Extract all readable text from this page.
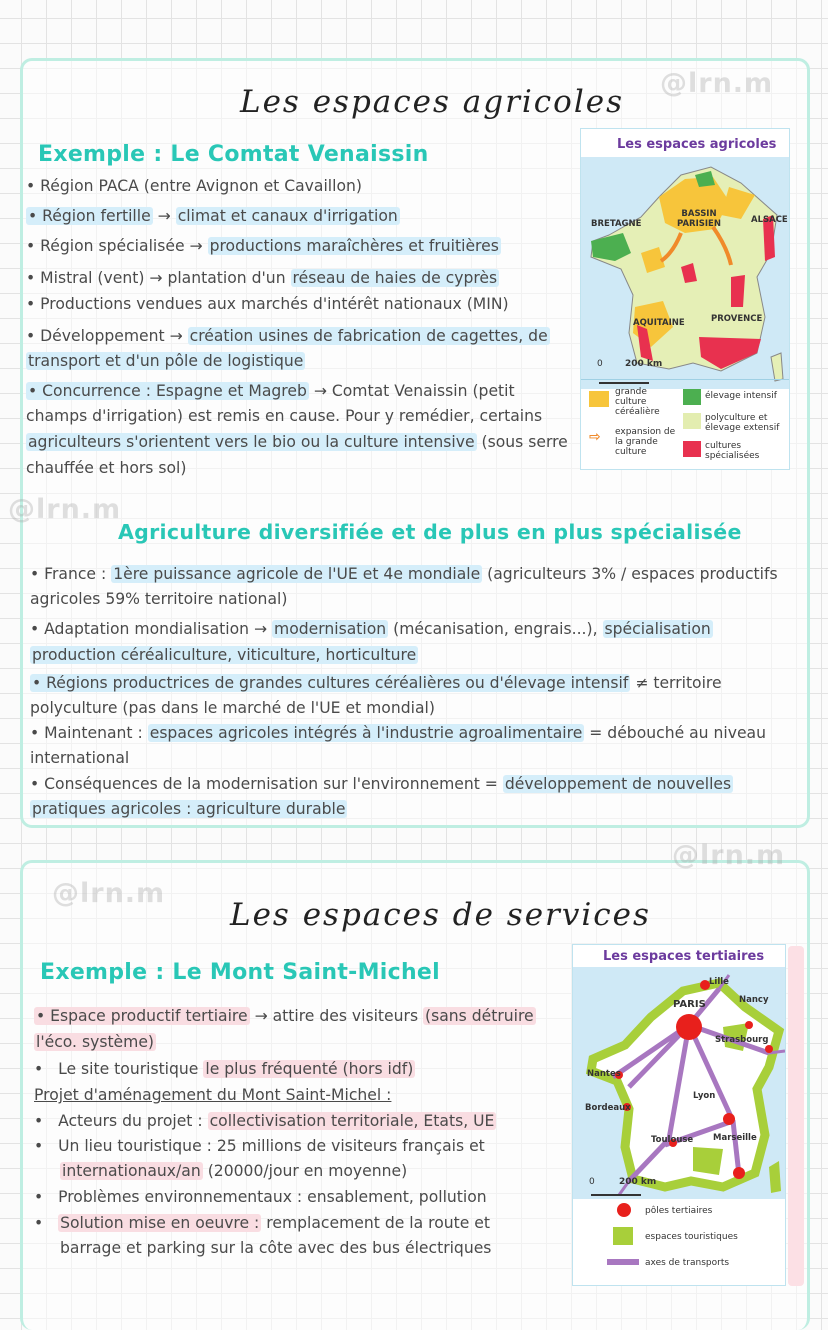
@lrn.m
@lrn.m
@lrn.m
@lrn.m
Les espaces agricoles
Exemple : Le Comtat Venaissin
• Région PACA (entre Avignon et Cavaillon)
• Région fertille → climat et canaux d'irrigation
• Région spécialisée → productions maraîchères et fruitières
• Mistral (vent) → plantation d'un réseau de haies de cyprès
• Productions vendues aux marchés d'intérêt nationaux (MIN)
• Développement → création usines de fabrication de cagettes, de
transport et d'un pôle de logistique
• Concurrence : Espagne et Magreb → Comtat Venaissin (petit
champs d'irrigation) est remis en cause. Pour y remédier, certains
agriculteurs s'orientent vers le bio ou la culture intensive (sous serre
chauffée et hors sol)
Les espaces agricoles
BRETAGNE
BASSIN PARISIEN	ALSACE
AQUITAINE	PROVENCE
0 200 km
grande culture céréalière
⇨ expansion de la grande culture
élevage intensif
polyculture et élevage extensif
cultures spécialisées
Agriculture diversifiée et de plus en plus spécialisée
• France : 1ère puissance agricole de l'UE et 4e mondiale (agriculteurs 3% / espaces productifs
agricoles 59% territoire national)
• Adaptation mondialisation → modernisation (mécanisation, engrais...), spécialisation
production céréaliculture, viticulture, horticulture
• Régions productrices de grandes cultures céréalières ou d'élevage intensif ≠ territoire
polyculture (pas dans le marché de l'UE et mondial)
• Maintenant : espaces agricoles intégrés à l'industrie agroalimentaire = débouché au niveau
international
• Conséquences de la modernisation sur l'environnement = développement de nouvelles
pratiques agricoles : agriculture durable
Les espaces de services
Exemple : Le Mont Saint-Michel
• Espace productif tertiaire → attire des visiteurs (sans détruire
l'éco. système)
• Le site touristique le plus fréquenté (hors idf)
Projet d'aménagement du Mont Saint-Michel :
• Acteurs du projet : collectivisation territoriale, Etats, UE
• Un lieu touristique : 25 millions de visiteurs français et
internationaux/an (20000/jour en moyenne)
• Problèmes environnementaux : ensablement, pollution
• Solution mise en oeuvre : remplacement de la route et
barrage et parking sur la côte avec des bus électriques
Les espaces tertiaires
Lille
PARIS	Nancy
Strasbourg
Nantes
Bordeaux
Lyon
Toulouse Marseille
0	200 km
pôles tertiaires
espaces touristiques
axes de transports
